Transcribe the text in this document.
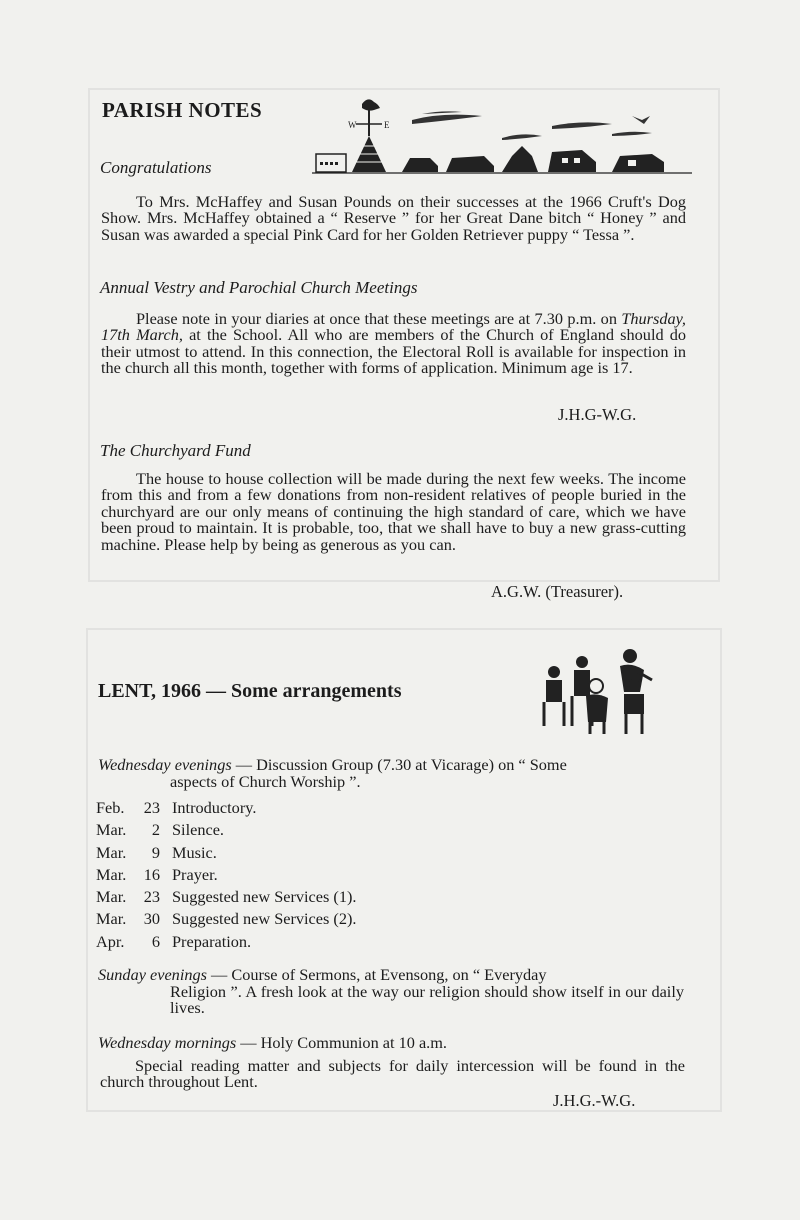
PARISH NOTES
W	E
Congratulations
To Mrs. McHaffey and Susan Pounds on their successes at the 1966 Cruft's Dog Show. Mrs. McHaffey obtained a “ Reserve ” for her Great Dane bitch “ Honey ” and Susan was awarded a special Pink Card for her Golden Retriever puppy “ Tessa ”.
Annual Vestry and Parochial Church Meetings
Please note in your diaries at once that these meetings are at 7.30 p.m. on Thursday, 17th March, at the School. All who are members of the Church of England should do their utmost to attend. In this connection, the Electoral Roll is available for inspection in the church all this month, together with forms of application. Minimum age is 17.
J.H.G-W.G.
The Churchyard Fund
The house to house collection will be made during the next few weeks. The income from this and from a few donations from non-resident relatives of people buried in the churchyard are our only means of continuing the high standard of care, which we have been proud to maintain. It is probable, too, that we shall have to buy a new grass-cutting machine. Please help by being as generous as you can.
A.G.W. (Treasurer).
LENT, 1966 — Some arrangements
Wednesday evenings — Discussion Group (7.30 at Vicarage) on “ Some
aspects of Church Worship ”.
Feb.	23	Introductory.
Mar.	2	Silence.
Mar.	9	Music.
Mar.	16	Prayer.
Mar.	23	Suggested new Services (1).
Mar.	30	Suggested new Services (2).
Apr.	6	Preparation.
Sunday evenings — Course of Sermons, at Evensong, on “ Everyday
Religion ”. A fresh look at the way our religion should show itself in our daily lives.
Wednesday mornings — Holy Communion at 10 a.m.
Special reading matter and subjects for daily intercession will be found in the church throughout Lent.
J.H.G.-W.G.
